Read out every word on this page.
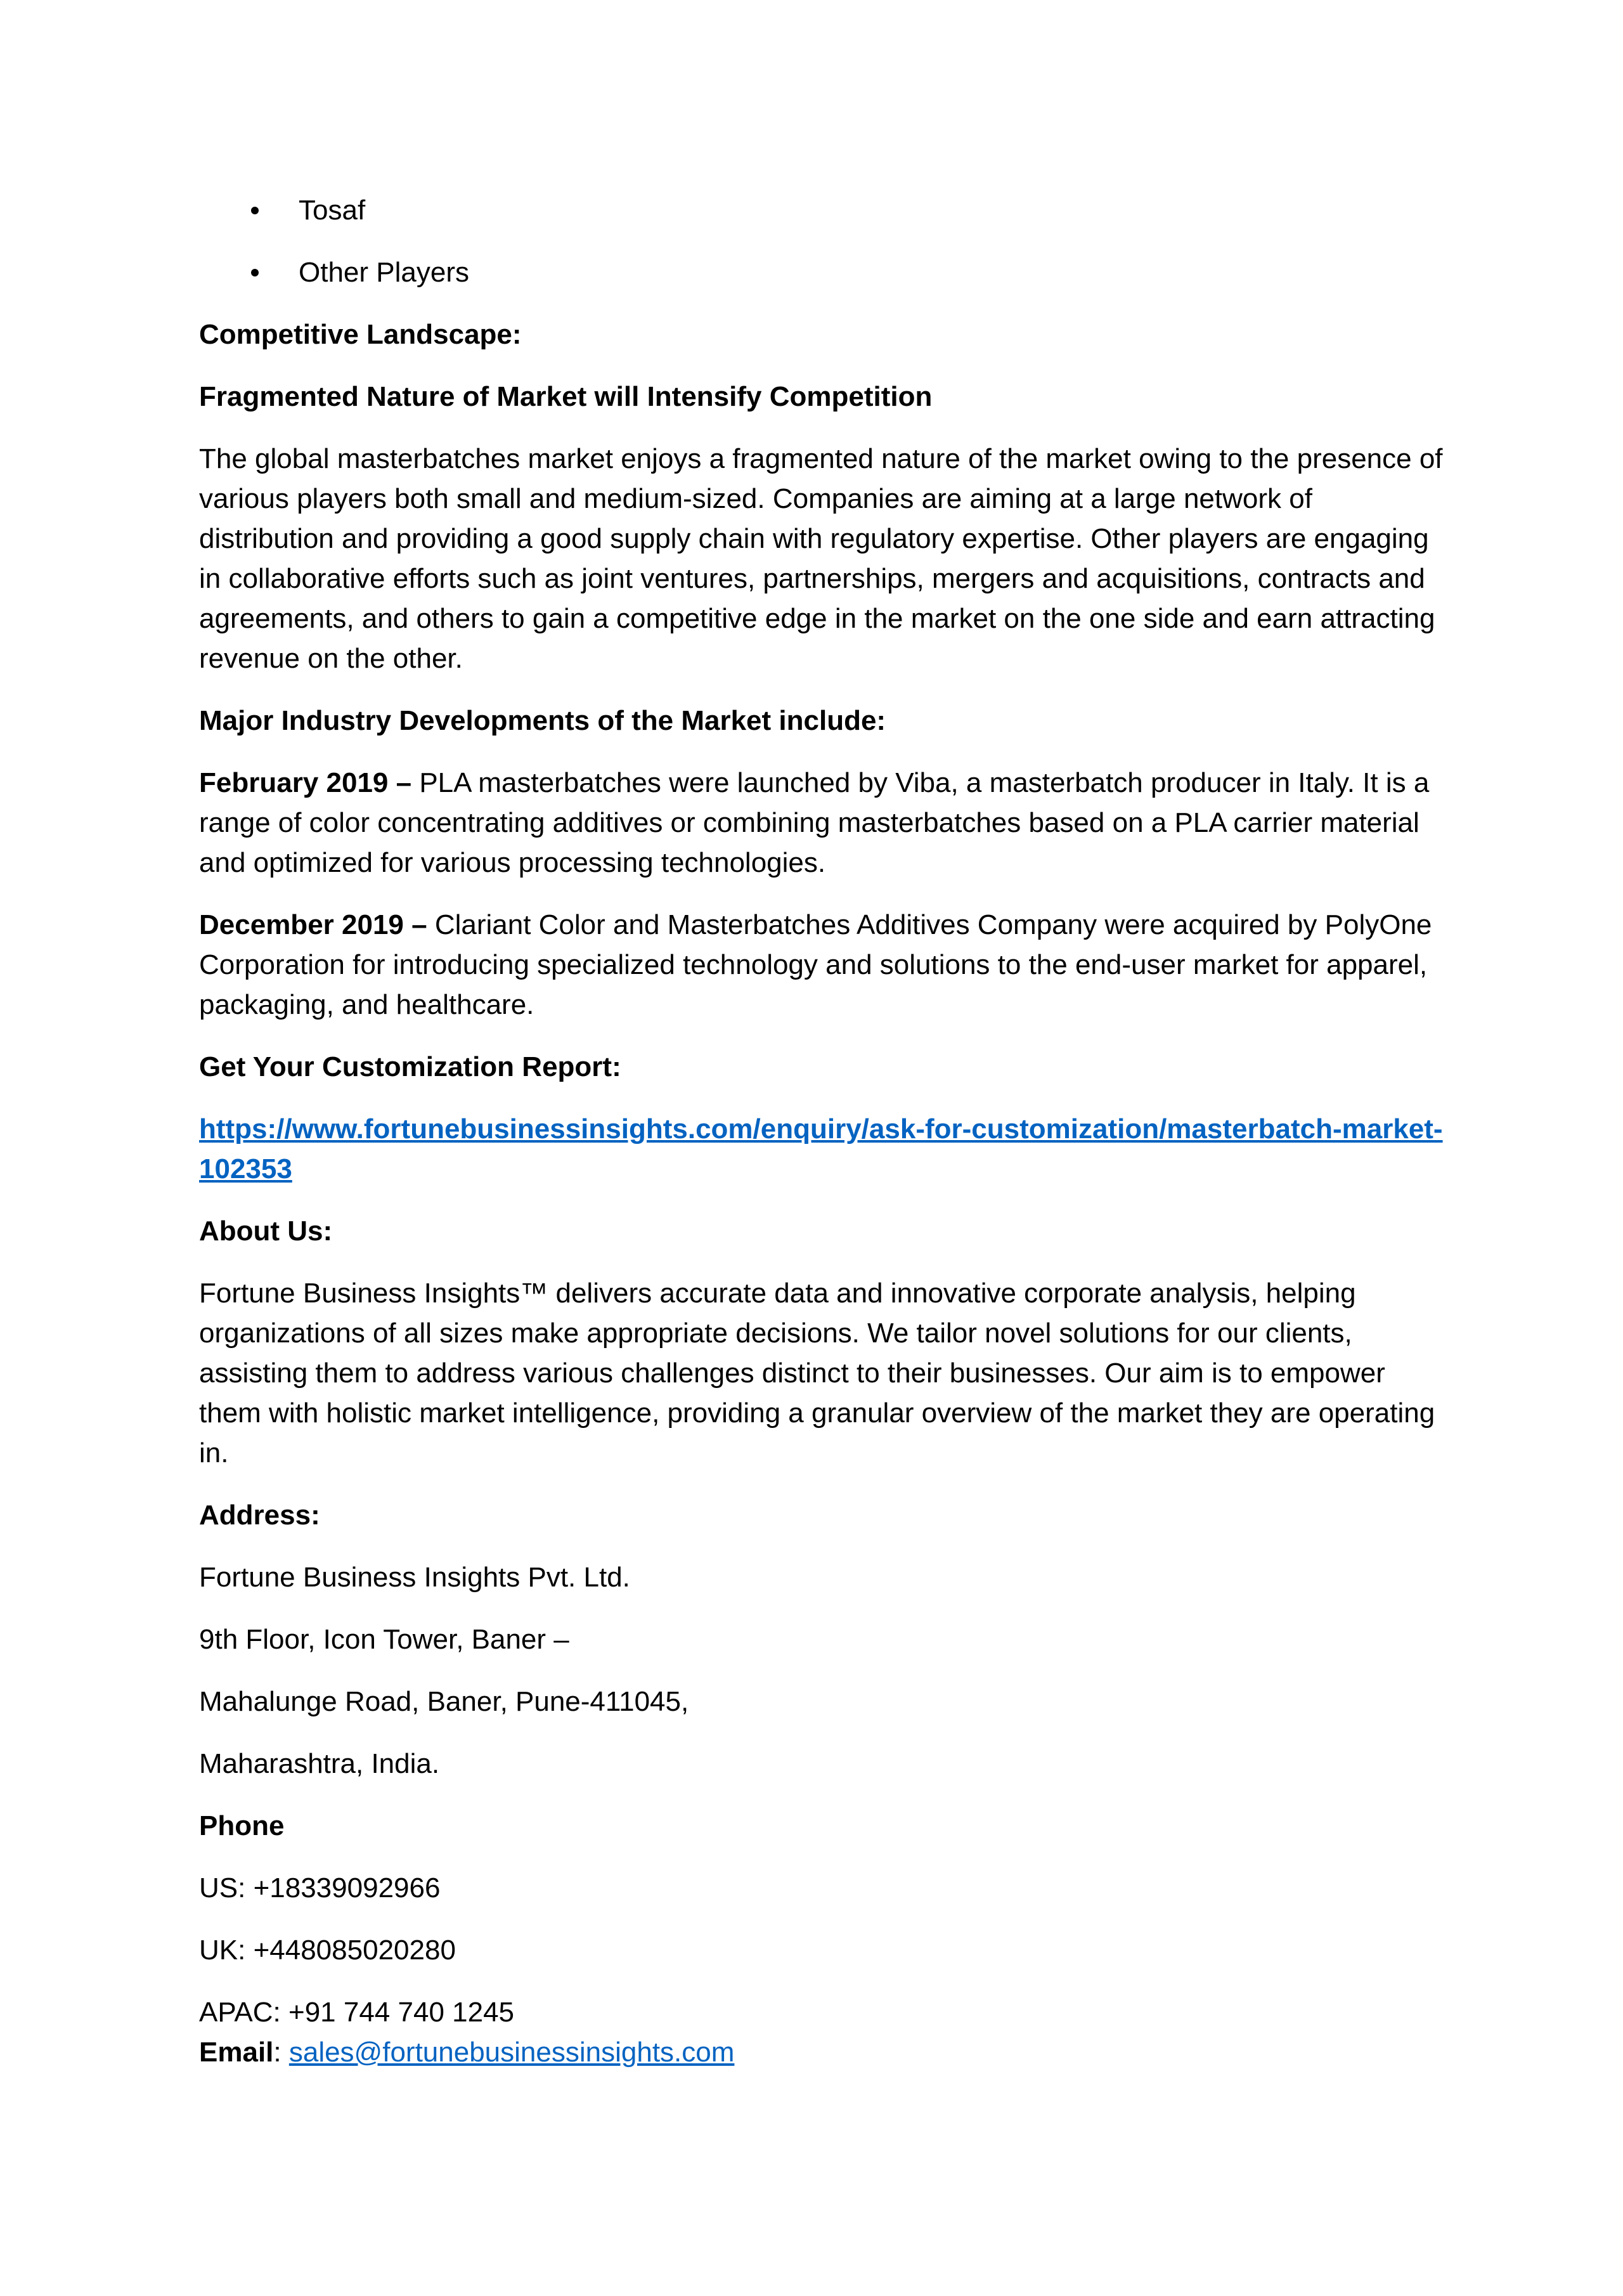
Tosaf
Other Players

Competitive Landscape:

Fragmented Nature of Market will Intensify Competition

The global masterbatches market enjoys a fragmented nature of the market owing to the presence of various players both small and medium-sized. Companies are aiming at a large network of distribution and providing a good supply chain with regulatory expertise. Other players are engaging in collaborative efforts such as joint ventures, partnerships, mergers and acquisitions, contracts and agreements, and others to gain a competitive edge in the market on the one side and earn attracting revenue on the other.

Major Industry Developments of the Market include:

February 2019 – PLA masterbatches were launched by Viba, a masterbatch producer in Italy. It is a range of color concentrating additives or combining masterbatches based on a PLA carrier material and optimized for various processing technologies.

December 2019 – Clariant Color and Masterbatches Additives Company were acquired by PolyOne Corporation for introducing specialized technology and solutions to the end-user market for apparel, packaging, and healthcare.

Get Your Customization Report:

https://www.fortunebusinessinsights.com/enquiry/ask-for-customization/masterbatch-market-102353

About Us:

Fortune Business Insights™ delivers accurate data and innovative corporate analysis, helping organizations of all sizes make appropriate decisions. We tailor novel solutions for our clients, assisting them to address various challenges distinct to their businesses. Our aim is to empower them with holistic market intelligence, providing a granular overview of the market they are operating in.

Address:

Fortune Business Insights Pvt. Ltd.

9th Floor, Icon Tower, Baner –

Mahalunge Road, Baner, Pune-411045,

Maharashtra, India.

Phone

US: +18339092966

UK: +448085020280

APAC: +91 744 740 1245

Email: sales@fortunebusinessinsights.com
